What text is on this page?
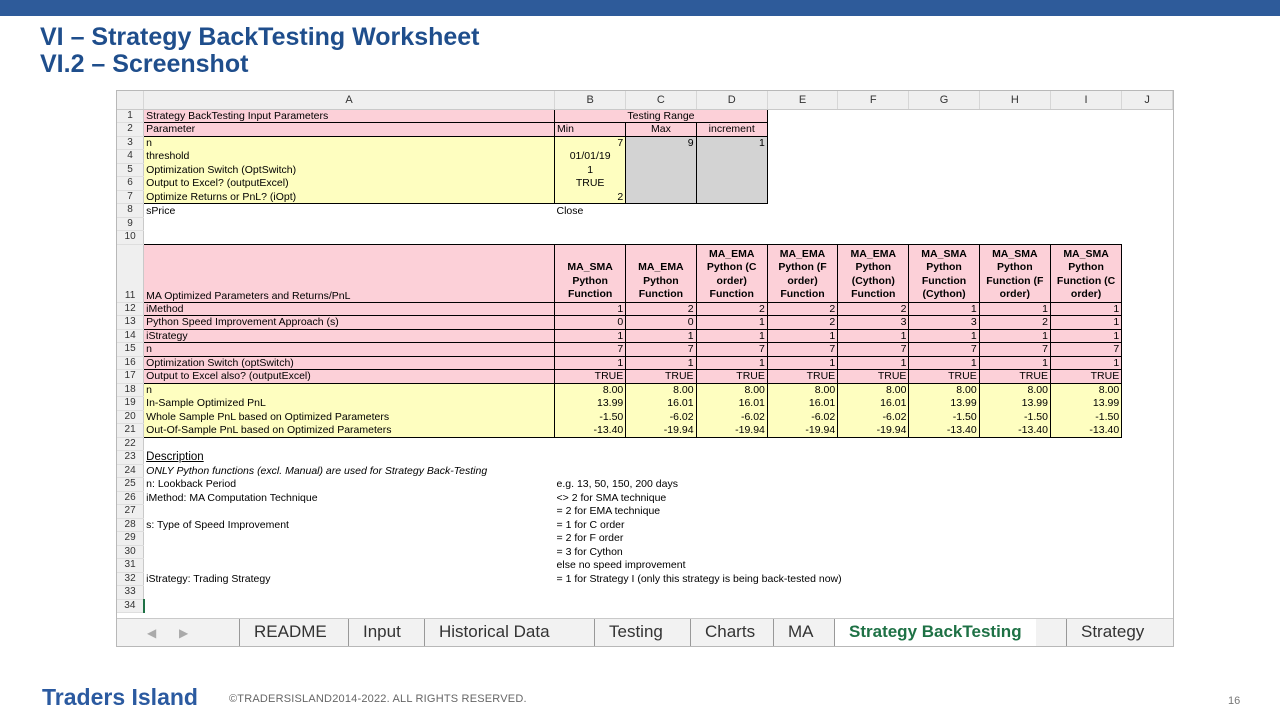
VI – Strategy BackTesting Worksheet
VI.2 – Screenshot
	A	B	C	D	E	F	G	H	I	J
1	Strategy BackTesting Input Parameters	Testing Range								
2	Parameter	Min	Max	increment						
3	n	7	9	1						
4	threshold	01/01/19								
5	Optimization Switch (OptSwitch)	1								
6	Output to Excel? (outputExcel)	TRUE								
7	Optimize Returns or PnL? (iOpt)	2								
8	sPrice	Close								
9										
10										
11	MA Optimized Parameters and Returns/PnL	MA_SMA Python Function	MA_EMA Python Function	MA_EMA Python (C order) Function	MA_EMA Python (F order) Function	MA_EMA Python (Cython) Function	MA_SMA Python Function (Cython)	MA_SMA Python Function (F order)	MA_SMA Python Function (C order)	
12	iMethod	1	2	2	2	2	1	1	1	
13	Python Speed Improvement Approach (s)	0	0	1	2	3	3	2	1	
14	iStrategy	1	1	1	1	1	1	1	1	
15	n	7	7	7	7	7	7	7	7	
16	Optimization Switch (optSwitch)	1	1	1	1	1	1	1	1	
17	Output to Excel also? (outputExcel)	TRUE	TRUE	TRUE	TRUE	TRUE	TRUE	TRUE	TRUE	
18	n	8.00	8.00	8.00	8.00	8.00	8.00	8.00	8.00	
19	In-Sample Optimized PnL	13.99	16.01	16.01	16.01	16.01	13.99	13.99	13.99	
20	Whole Sample PnL based on Optimized Parameters	-1.50	-6.02	-6.02	-6.02	-6.02	-1.50	-1.50	-1.50	
21	Out-Of-Sample PnL based on Optimized Parameters	-13.40	-19.94	-19.94	-19.94	-19.94	-13.40	-13.40	-13.40	
22										
23	Description									
24	ONLY Python functions (excl. Manual) are used for Strategy Back-Testing									
25	n: Lookback Period	e.g. 13, 50, 150, 200 days								
26	iMethod: MA Computation Technique	<> 2 for SMA technique								
27		= 2 for EMA technique								
28	s: Type of Speed Improvement	= 1 for C order								
29		= 2 for F order								
30		= 3 for Cython								
31		else no speed improvement								
32	iStrategy: Trading Strategy	= 1 for Strategy I (only this strategy is being back-tested now)								
33										
34										
◀ ▶	README	Input	Historical Data	Testing	Charts	MA	Strategy BackTesting	Strategy
Traders Island	©TRADERSISLAND2014-2022. ALL RIGHTS RESERVED.	16
